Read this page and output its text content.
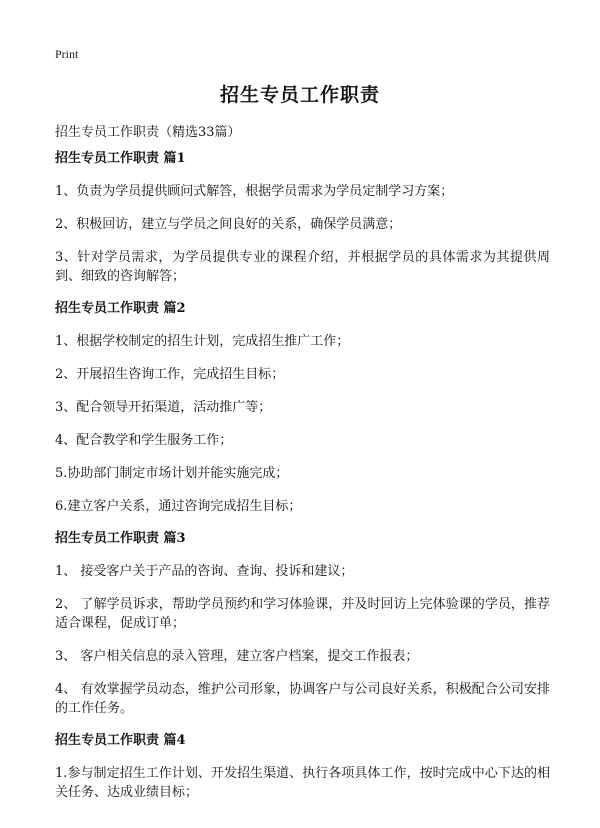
Print
招生专员工作职责
招生专员工作职责（精选33篇）
招生专员工作职责 篇1
1、负责为学员提供顾问式解答，根据学员需求为学员定制学习方案；
2、积极回访，建立与学员之间良好的关系，确保学员满意；
3、针对学员需求，为学员提供专业的课程介绍，并根据学员的具体需求为其提供周到、细致的咨询解答；
招生专员工作职责 篇2
1、根据学校制定的招生计划，完成招生推广工作；
2、开展招生咨询工作，完成招生目标；
3、配合领导开拓渠道，活动推广等；
4、配合教学和学生服务工作；
5.协助部门制定市场计划并能实施完成；
6.建立客户关系，通过咨询完成招生目标；
招生专员工作职责 篇3
1、 接受客户关于产品的咨询、查询、投诉和建议；
2、 了解学员诉求，帮助学员预约和学习体验课，并及时回访上完体验课的学员，推荐适合课程，促成订单；
3、 客户相关信息的录入管理，建立客户档案，提交工作报表；
4、 有效掌握学员动态，维护公司形象，协调客户与公司良好关系，积极配合公司安排的工作任务。
招生专员工作职责 篇4
1.参与制定招生工作计划、开发招生渠道、执行各项具体工作，按时完成中心下达的相关任务、达成业绩目标；
